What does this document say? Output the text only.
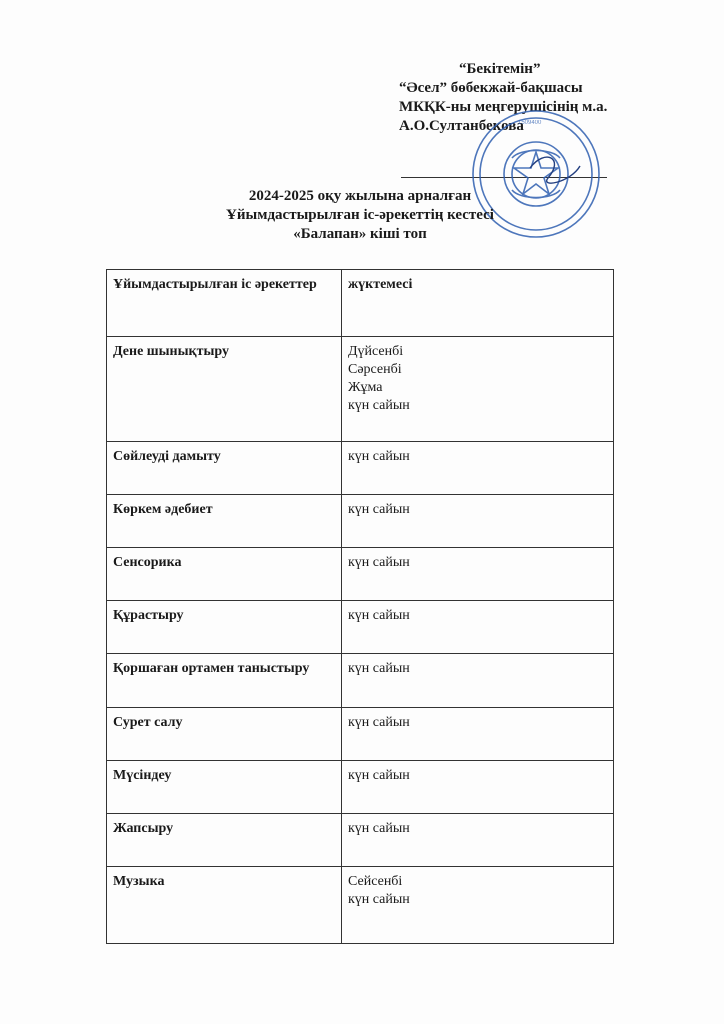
“Бекітемін”
“Әсел” бөбекжай-бақшасы
МКҚК-ны меңгерушісінің м.а.
А.О.Султанбекова
1509400
2024-2025 оқу жылына арналған
Ұйымдастырылған іс-әрекеттің кестесі
«Балапан» кіші топ
Ұйымдастырылған іс әрекеттер	жүктемесі
Дене шынықтыру	Дүйсенбі
Сәрсенбі
Жұма
күн сайын

Сөйлеуді дамыту	күн сайын

Көркем әдебиет	күн сайын

Сенсорика	күн сайын

Құрастыру	күн сайын

Қоршаған ортамен таныстыру	күн сайын

Сурет салу	күн сайын

Мүсіндеу	күн сайын

Жапсыру	күн сайын

Музыка	Сейсенбі
күн сайын
